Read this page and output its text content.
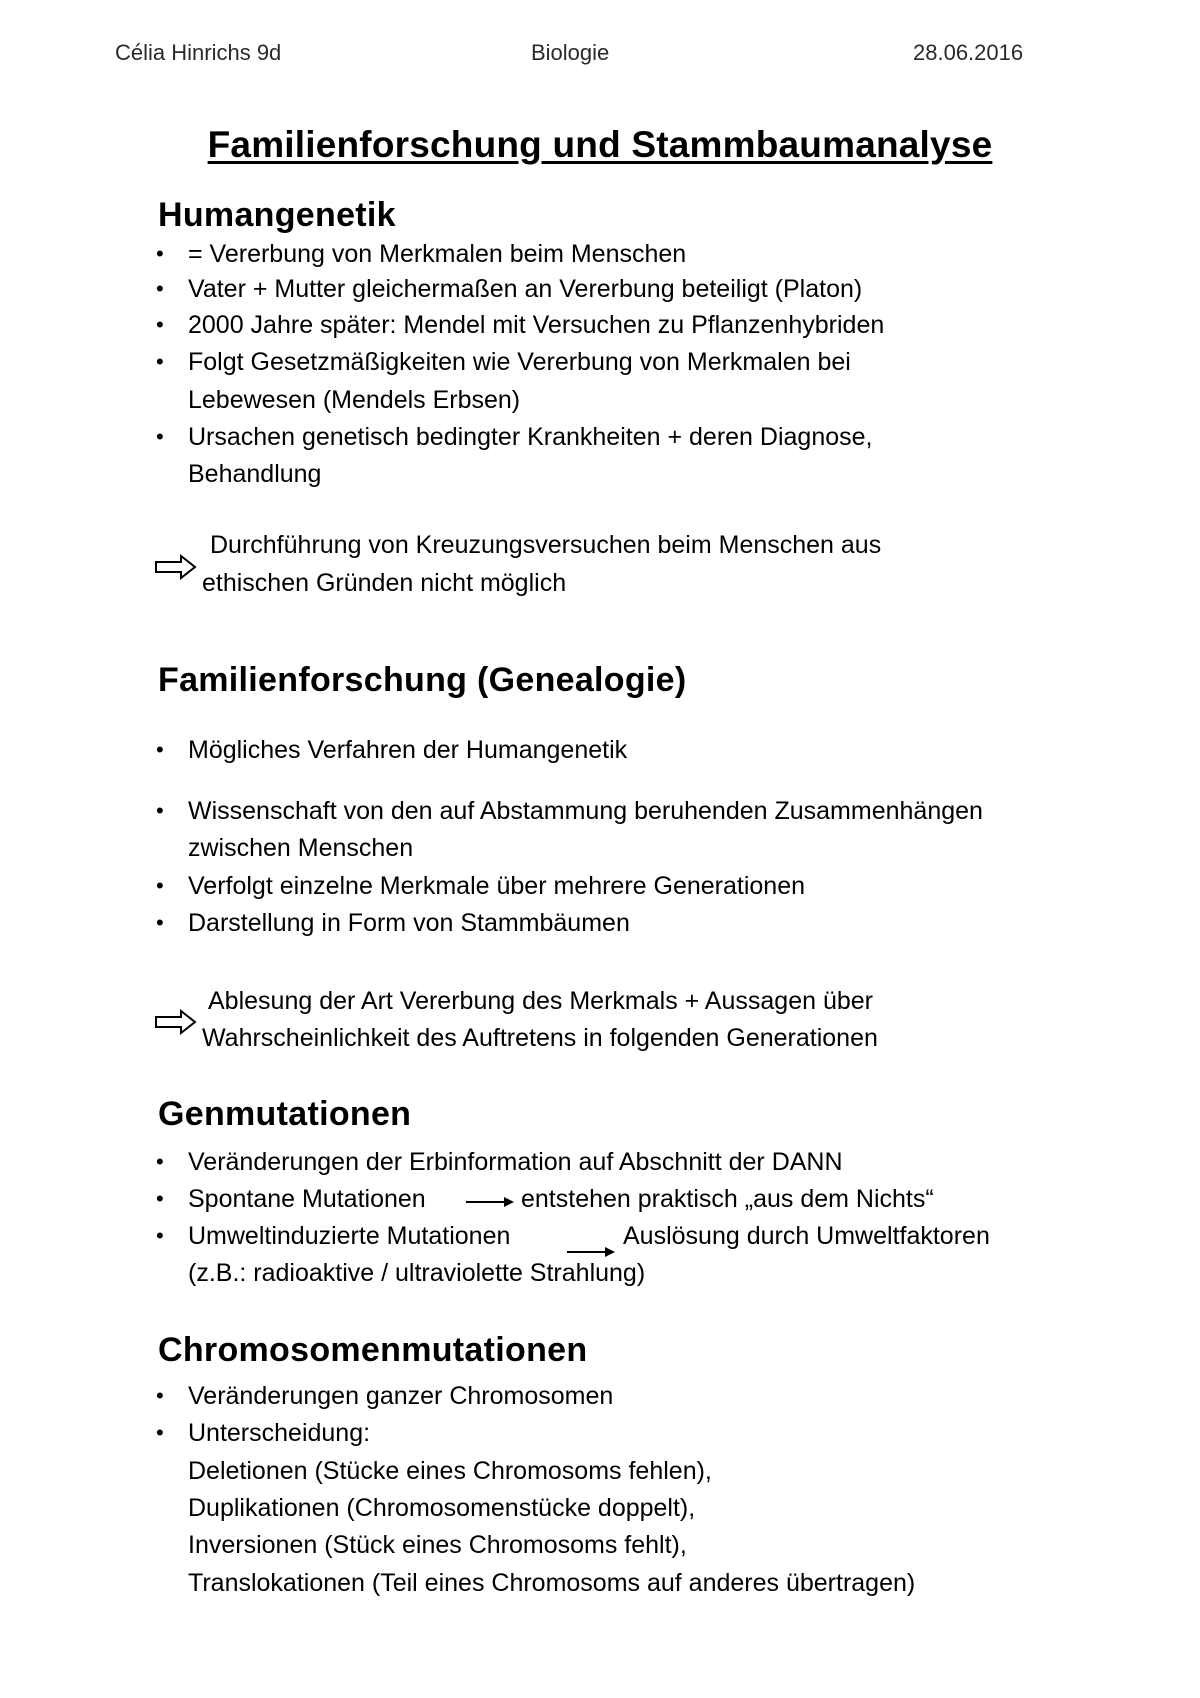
Célia Hinrichs 9d	Biologie	28.06.2016
Familienforschung und Stammbaumanalyse
Humangenetik
• = Vererbung von Merkmalen beim Menschen
• Vater + Mutter gleichermaßen an Vererbung beteiligt (Platon)
• 2000 Jahre später: Mendel mit Versuchen zu Pflanzenhybriden
• Folgt Gesetzmäßigkeiten wie Vererbung von Merkmalen bei
Lebewesen (Mendels Erbsen)
• Ursachen genetisch bedingter Krankheiten + deren Diagnose,
Behandlung
Durchführung von Kreuzungsversuchen beim Menschen aus
ethischen Gründen nicht möglich
Familienforschung (Genealogie)
• Mögliches Verfahren der Humangenetik
• Wissenschaft von den auf Abstammung beruhenden Zusammenhängen
zwischen Menschen
• Verfolgt einzelne Merkmale über mehrere Generationen
• Darstellung in Form von Stammbäumen
Ablesung der Art Vererbung des Merkmals + Aussagen über
Wahrscheinlichkeit des Auftretens in folgenden Generationen
Genmutationen
• Veränderungen der Erbinformation auf Abschnitt der DANN
• Spontane Mutationen	entstehen praktisch „aus dem Nichts“
• Umweltinduzierte Mutationen	Auslösung durch Umweltfaktoren
(z.B.: radioaktive / ultraviolette Strahlung)
Chromosomenmutationen
• Veränderungen ganzer Chromosomen
• Unterscheidung:
Deletionen (Stücke eines Chromosoms fehlen),
Duplikationen (Chromosomenstücke doppelt),
Inversionen (Stück eines Chromosoms fehlt),
Translokationen (Teil eines Chromosoms auf anderes übertragen)
